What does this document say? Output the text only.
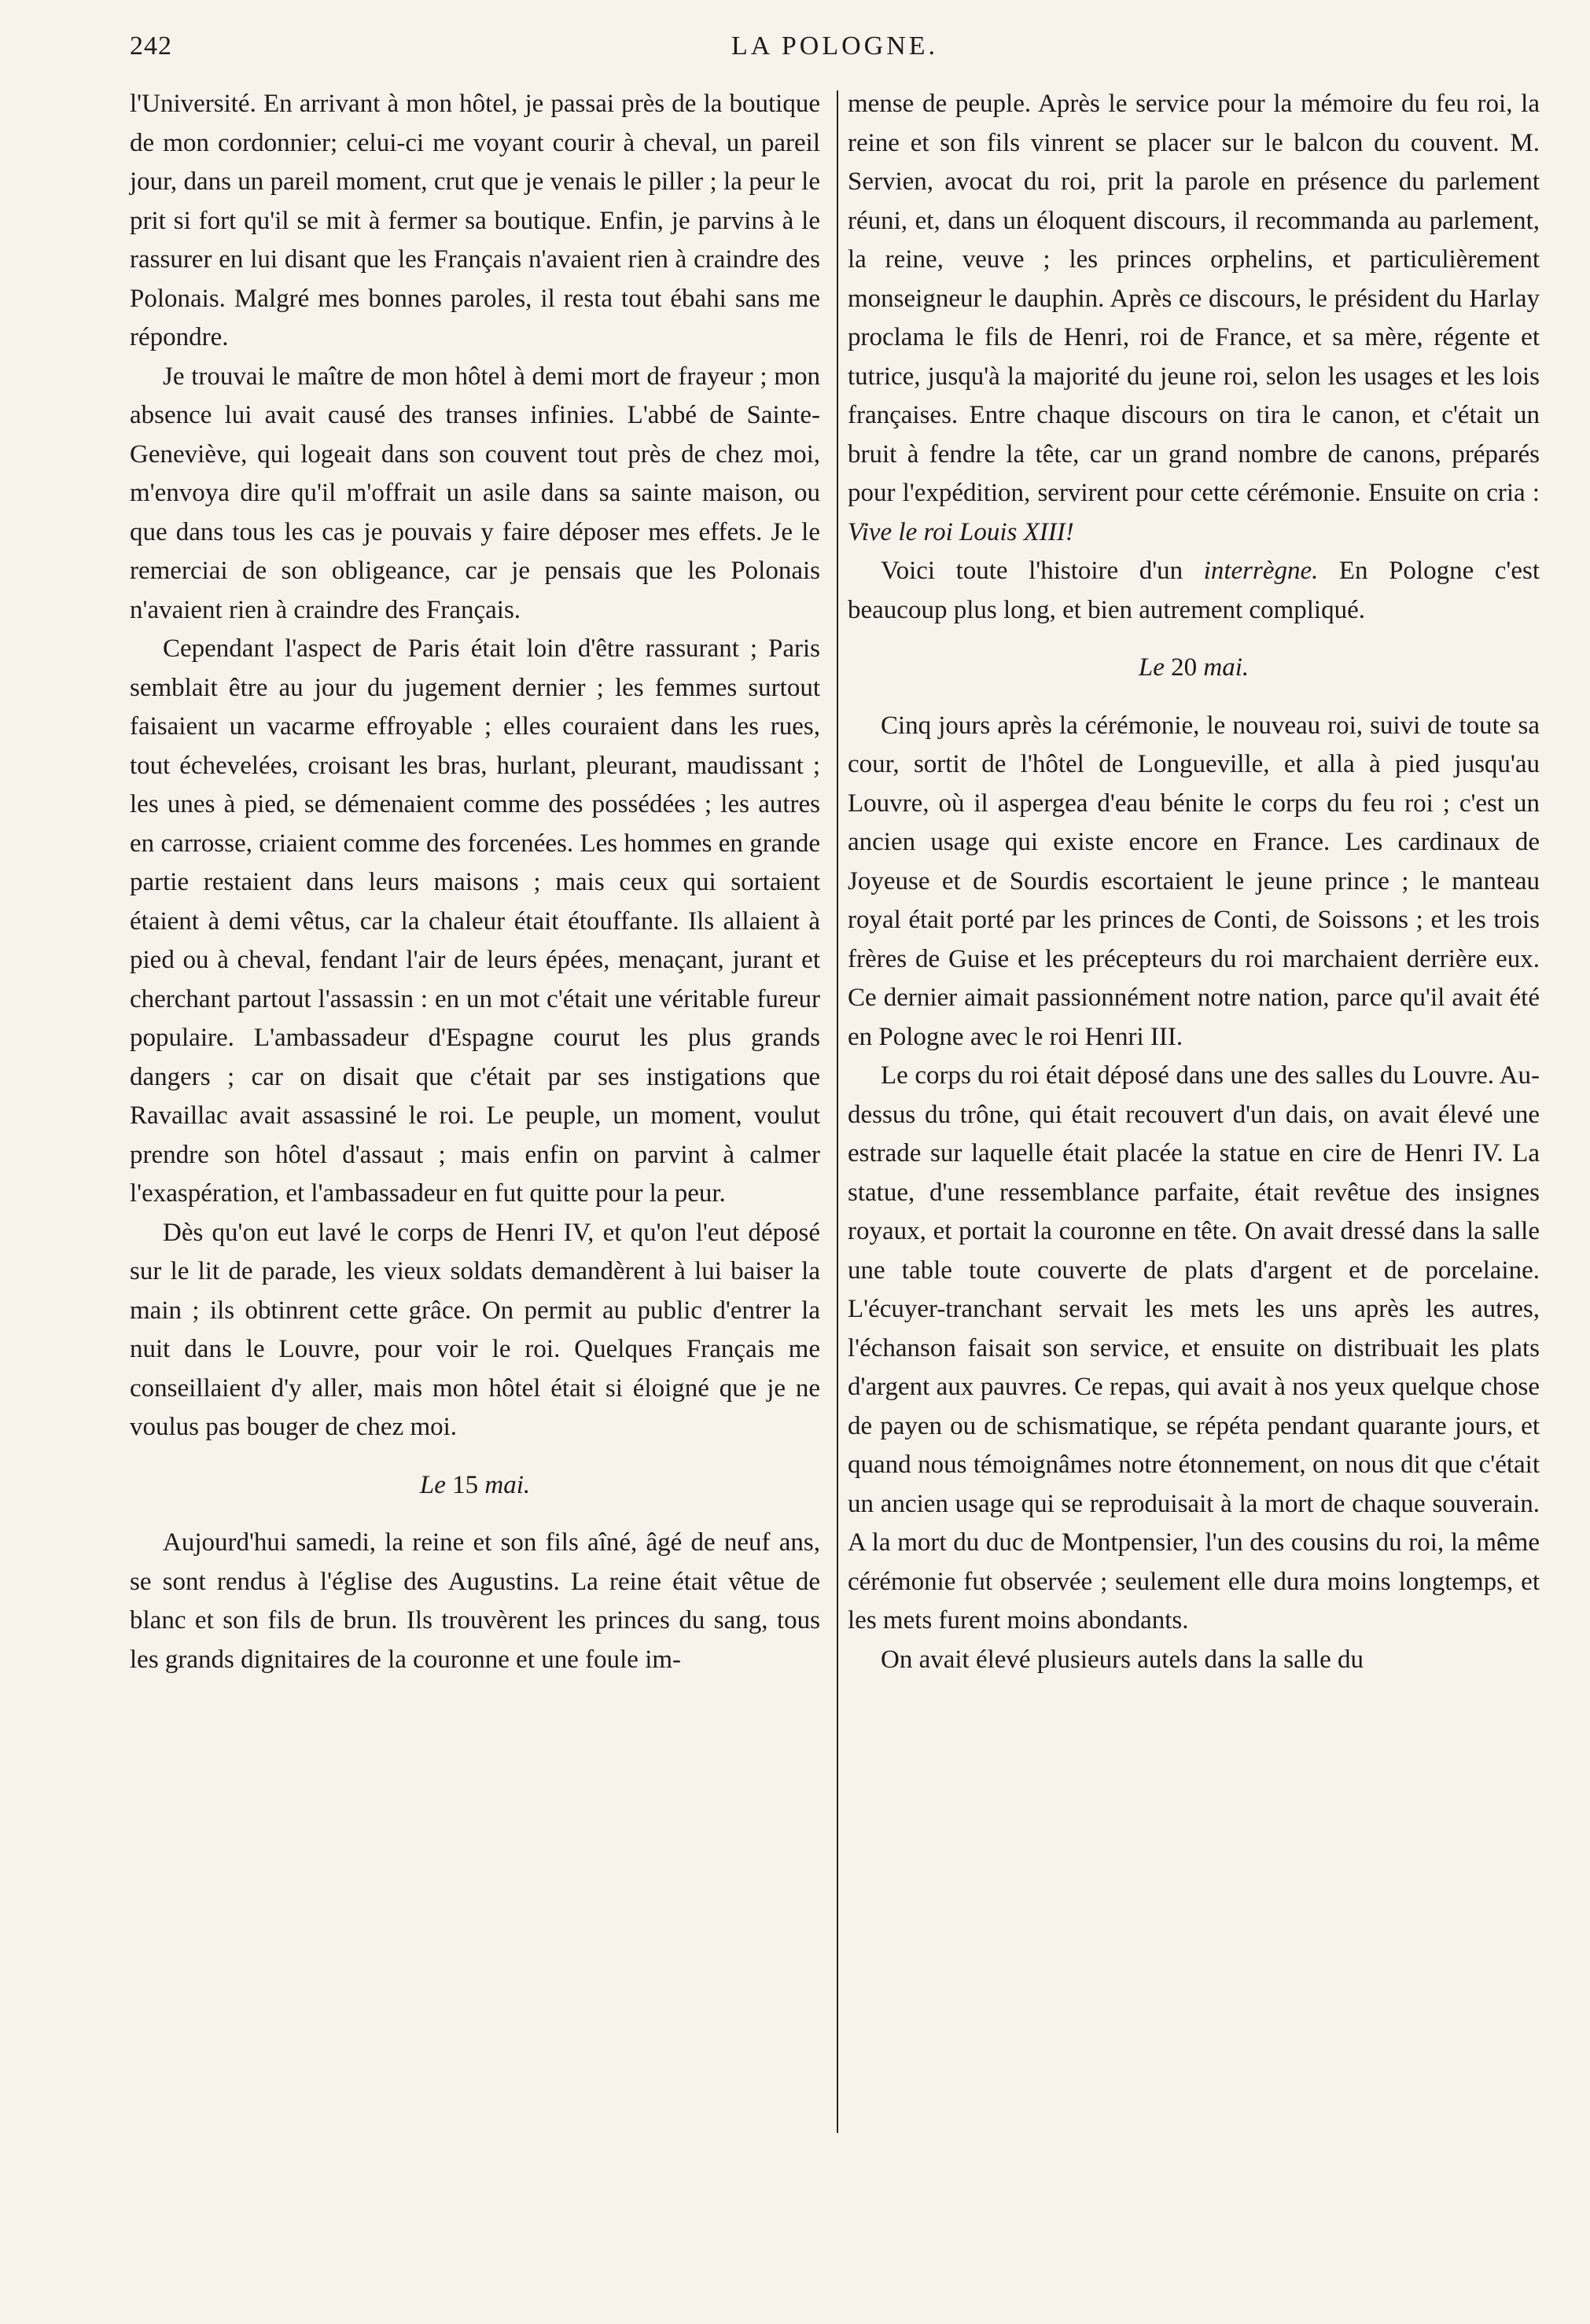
242	LA POLOGNE.

l'Université. En arrivant à mon hôtel, je passai près de la boutique de mon cordonnier; celui-ci me voyant courir à cheval, un pareil jour, dans un pareil moment, crut que je venais le piller ; la peur le prit si fort qu'il se mit à fermer sa boutique. Enfin, je parvins à le rassurer en lui disant que les Français n'avaient rien à craindre des Polonais. Malgré mes bonnes paroles, il resta tout ébahi sans me répondre.

Je trouvai le maître de mon hôtel à demi mort de frayeur ; mon absence lui avait causé des transes infinies. L'abbé de Sainte-Geneviève, qui logeait dans son couvent tout près de chez moi, m'envoya dire qu'il m'offrait un asile dans sa sainte maison, ou que dans tous les cas je pouvais y faire déposer mes effets. Je le remerciai de son obligeance, car je pensais que les Polonais n'avaient rien à craindre des Français.

Cependant l'aspect de Paris était loin d'être rassurant ; Paris semblait être au jour du jugement dernier ; les femmes surtout faisaient un vacarme effroyable ; elles couraient dans les rues, tout échevelées, croisant les bras, hurlant, pleurant, maudissant ; les unes à pied, se démenaient comme des possédées ; les autres en carrosse, criaient comme des forcenées. Les hommes en grande partie restaient dans leurs maisons ; mais ceux qui sortaient étaient à demi vêtus, car la chaleur était étouffante. Ils allaient à pied ou à cheval, fendant l'air de leurs épées, menaçant, jurant et cherchant partout l'assassin : en un mot c'était une véritable fureur populaire. L'ambassadeur d'Espagne courut les plus grands dangers ; car on disait que c'était par ses instigations que Ravaillac avait assassiné le roi. Le peuple, un moment, voulut prendre son hôtel d'assaut ; mais enfin on parvint à calmer l'exaspération, et l'ambassadeur en fut quitte pour la peur.

Dès qu'on eut lavé le corps de Henri IV, et qu'on l'eut déposé sur le lit de parade, les vieux soldats demandèrent à lui baiser la main ; ils obtinrent cette grâce. On permit au public d'entrer la nuit dans le Louvre, pour voir le roi. Quelques Français me conseillaient d'y aller, mais mon hôtel était si éloigné que je ne voulus pas bouger de chez moi.

Le 15 mai.

Aujourd'hui samedi, la reine et son fils aîné, âgé de neuf ans, se sont rendus à l'église des Augustins. La reine était vêtue de blanc et son fils de brun. Ils trouvèrent les princes du sang, tous les grands dignitaires de la couronne et une foule im-

mense de peuple. Après le service pour la mémoire du feu roi, la reine et son fils vinrent se placer sur le balcon du couvent. M. Servien, avocat du roi, prit la parole en présence du parlement réuni, et, dans un éloquent discours, il recommanda au parlement, la reine, veuve ; les princes orphelins, et particulièrement monseigneur le dauphin. Après ce discours, le président du Harlay proclama le fils de Henri, roi de France, et sa mère, régente et tutrice, jusqu'à la majorité du jeune roi, selon les usages et les lois françaises. Entre chaque discours on tira le canon, et c'était un bruit à fendre la tête, car un grand nombre de canons, préparés pour l'expédition, servirent pour cette cérémonie. Ensuite on cria : Vive le roi Louis XIII!

Voici toute l'histoire d'un interrègne. En Pologne c'est beaucoup plus long, et bien autrement compliqué.

Le 20 mai.

Cinq jours après la cérémonie, le nouveau roi, suivi de toute sa cour, sortit de l'hôtel de Longueville, et alla à pied jusqu'au Louvre, où il aspergea d'eau bénite le corps du feu roi ; c'est un ancien usage qui existe encore en France. Les cardinaux de Joyeuse et de Sourdis escortaient le jeune prince ; le manteau royal était porté par les princes de Conti, de Soissons ; et les trois frères de Guise et les précepteurs du roi marchaient derrière eux. Ce dernier aimait passionnément notre nation, parce qu'il avait été en Pologne avec le roi Henri III.

Le corps du roi était déposé dans une des salles du Louvre. Au-dessus du trône, qui était recouvert d'un dais, on avait élevé une estrade sur laquelle était placée la statue en cire de Henri IV. La statue, d'une ressemblance parfaite, était revêtue des insignes royaux, et portait la couronne en tête. On avait dressé dans la salle une table toute couverte de plats d'argent et de porcelaine. L'écuyer-tranchant servait les mets les uns après les autres, l'échanson faisait son service, et ensuite on distribuait les plats d'argent aux pauvres. Ce repas, qui avait à nos yeux quelque chose de payen ou de schismatique, se répéta pendant quarante jours, et quand nous témoignâmes notre étonnement, on nous dit que c'était un ancien usage qui se reproduisait à la mort de chaque souverain. A la mort du duc de Montpensier, l'un des cousins du roi, la même cérémonie fut observée ; seulement elle dura moins longtemps, et les mets furent moins abondants.

On avait élevé plusieurs autels dans la salle du
